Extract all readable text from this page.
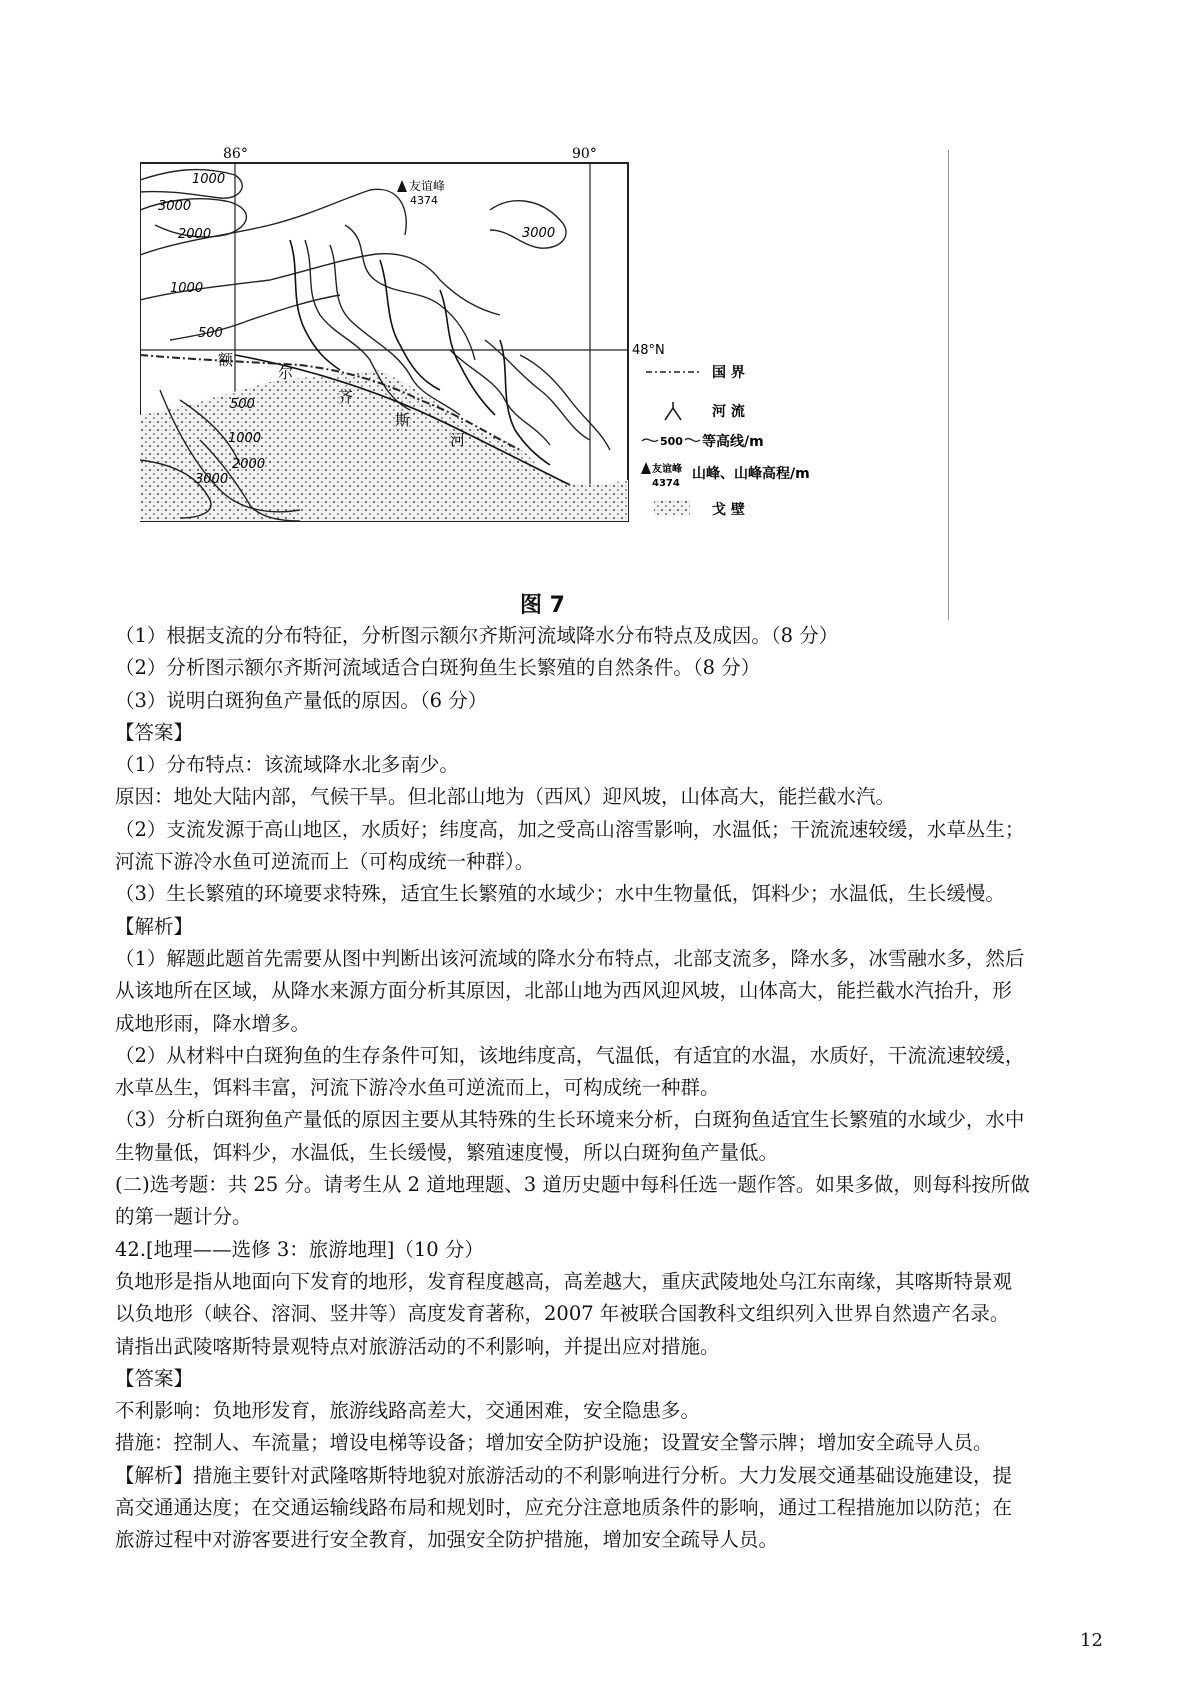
86°	90°
48°N
友谊峰
4374
1000
3000
2000
1000
500
500
1000
2000
3000
3000
额
尔
齐
斯
河
国 界
河 流
500 等高线/m
友谊峰
4374
山峰、山峰高程/m
戈 壁
图 7

（1）根据支流的分布特征，分析图示额尔齐斯河流域降水分布特点及成因。（8 分）

（2）分析图示额尔齐斯河流域适合白斑狗鱼生长繁殖的自然条件。（8 分）

（3）说明白斑狗鱼产量低的原因。（6 分）

【答案】

（1）分布特点：该流域降水北多南少。

原因：地处大陆内部，气候干旱。但北部山地为（西风）迎风坡，山体高大，能拦截水汽。

（2）支流发源于高山地区，水质好；纬度高，加之受高山溶雪影响，水温低；干流流速较缓，水草丛生；

河流下游冷水鱼可逆流而上（可构成统一种群）。

（3）生长繁殖的环境要求特殊，适宜生长繁殖的水域少；水中生物量低，饵料少；水温低，生长缓慢。

【解析】

（1）解题此题首先需要从图中判断出该河流域的降水分布特点，北部支流多，降水多，冰雪融水多，然后

从该地所在区域，从降水来源方面分析其原因，北部山地为西风迎风坡，山体高大，能拦截水汽抬升，形

成地形雨，降水增多。

（2）从材料中白斑狗鱼的生存条件可知，该地纬度高，气温低，有适宜的水温，水质好，干流流速较缓，

水草丛生，饵料丰富，河流下游冷水鱼可逆流而上，可构成统一种群。

（3）分析白斑狗鱼产量低的原因主要从其特殊的生长环境来分析，白斑狗鱼适宜生长繁殖的水域少，水中

生物量低，饵料少，水温低，生长缓慢，繁殖速度慢，所以白斑狗鱼产量低。

(二)选考题：共 25 分。请考生从 2 道地理题、3 道历史题中每科任选一题作答。如果多做，则每科按所做

的第一题计分。

42.[地理——选修 3：旅游地理]（10 分）

负地形是指从地面向下发育的地形，发育程度越高，高差越大，重庆武陵地处乌江东南缘，其喀斯特景观

以负地形（峡谷、溶洞、竖井等）高度发育著称，2007 年被联合国教科文组织列入世界自然遗产名录。

请指出武陵喀斯特景观特点对旅游活动的不利影响，并提出应对措施。

【答案】

不利影响：负地形发育，旅游线路高差大，交通困难，安全隐患多。

措施：控制人、车流量；增设电梯等设备；增加安全防护设施；设置安全警示牌；增加安全疏导人员。

【解析】措施主要针对武隆喀斯特地貌对旅游活动的不利影响进行分析。大力发展交通基础设施建设，提

高交通通达度；在交通运输线路布局和规划时，应充分注意地质条件的影响，通过工程措施加以防范；在

旅游过程中对游客要进行安全教育，加强安全防护措施，增加安全疏导人员。

12
